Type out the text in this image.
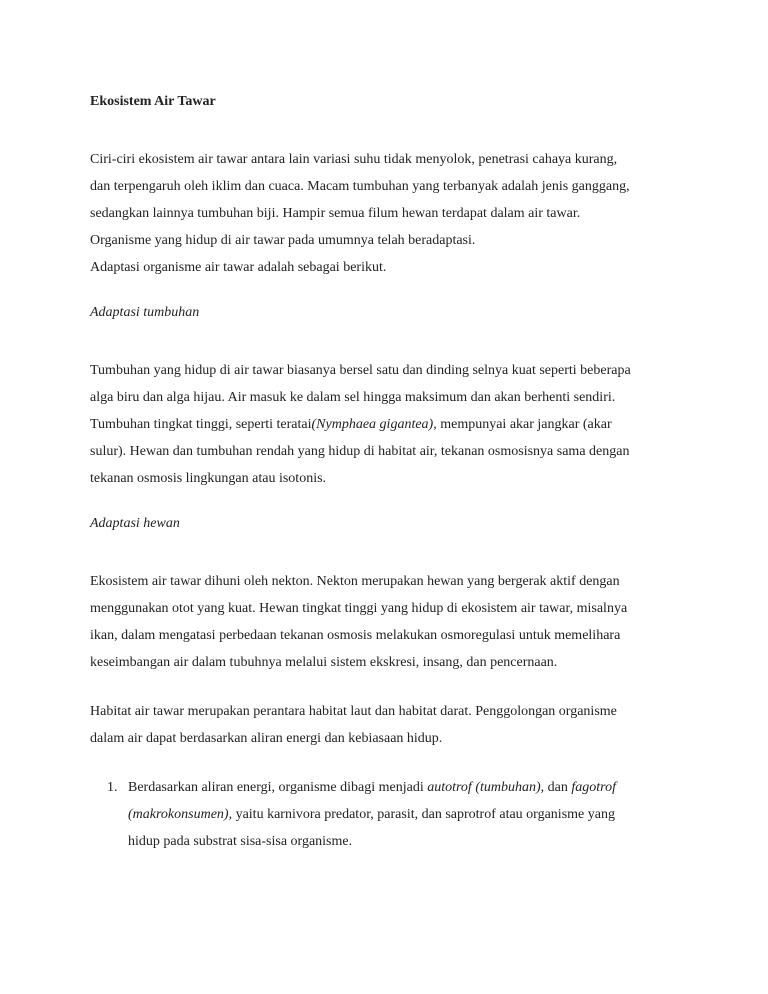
Ekosistem Air Tawar
Ciri-ciri ekosistem air tawar antara lain variasi suhu tidak menyolok, penetrasi cahaya kurang,
dan terpengaruh oleh iklim dan cuaca. Macam tumbuhan yang terbanyak adalah jenis ganggang,
sedangkan lainnya tumbuhan biji. Hampir semua filum hewan terdapat dalam air tawar.
Organisme yang hidup di air tawar pada umumnya telah beradaptasi.
Adaptasi organisme air tawar adalah sebagai berikut.
Adaptasi tumbuhan
Tumbuhan yang hidup di air tawar biasanya bersel satu dan dinding selnya kuat seperti beberapa
alga biru dan alga hijau. Air masuk ke dalam sel hingga maksimum dan akan berhenti sendiri.
Tumbuhan tingkat tinggi, seperti teratai(Nymphaea gigantea), mempunyai akar jangkar (akar
sulur). Hewan dan tumbuhan rendah yang hidup di habitat air, tekanan osmosisnya sama dengan
tekanan osmosis lingkungan atau isotonis.
Adaptasi hewan
Ekosistem air tawar dihuni oleh nekton. Nekton merupakan hewan yang bergerak aktif dengan
menggunakan otot yang kuat. Hewan tingkat tinggi yang hidup di ekosistem air tawar, misalnya
ikan, dalam mengatasi perbedaan tekanan osmosis melakukan osmoregulasi untuk memelihara
keseimbangan air dalam tubuhnya melalui sistem ekskresi, insang, dan pencernaan.
Habitat air tawar merupakan perantara habitat laut dan habitat darat. Penggolongan organisme
dalam air dapat berdasarkan aliran energi dan kebiasaan hidup.
1. Berdasarkan aliran energi, organisme dibagi menjadi autotrof (tumbuhan), dan fagotrof
(makrokonsumen), yaitu karnivora predator, parasit, dan saprotrof atau organisme yang
hidup pada substrat sisa-sisa organisme.
